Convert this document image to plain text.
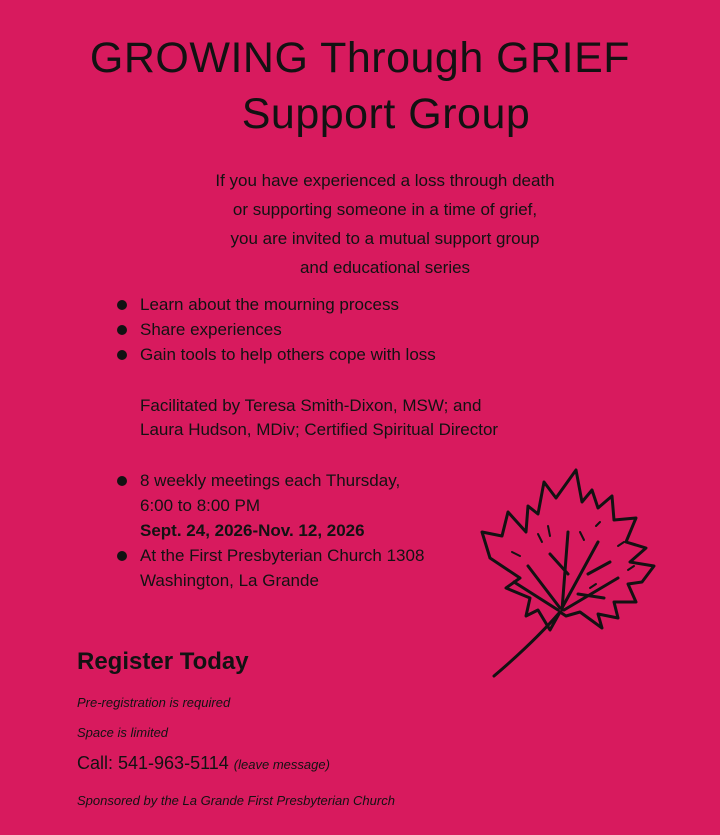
GROWING Through GRIEF
Support Group
If you have experienced a loss through death
or supporting someone in a time of grief,
you are invited to a mutual support group
and educational series
Learn about the mourning process
Share experiences
Gain tools to help others cope with loss
Facilitated by Teresa Smith-Dixon, MSW; and
Laura Hudson, MDiv; Certified Spiritual Director
8 weekly meetings each Thursday,
6:00 to 8:00 PM
Sept. 24, 2026-Nov. 12, 2026
At the First Presbyterian Church 1308
Washington, La Grande
Register Today
Pre-registration is required
Space is limited
Call: 541-963-5114 (leave message)
Sponsored by the La Grande First Presbyterian Church
